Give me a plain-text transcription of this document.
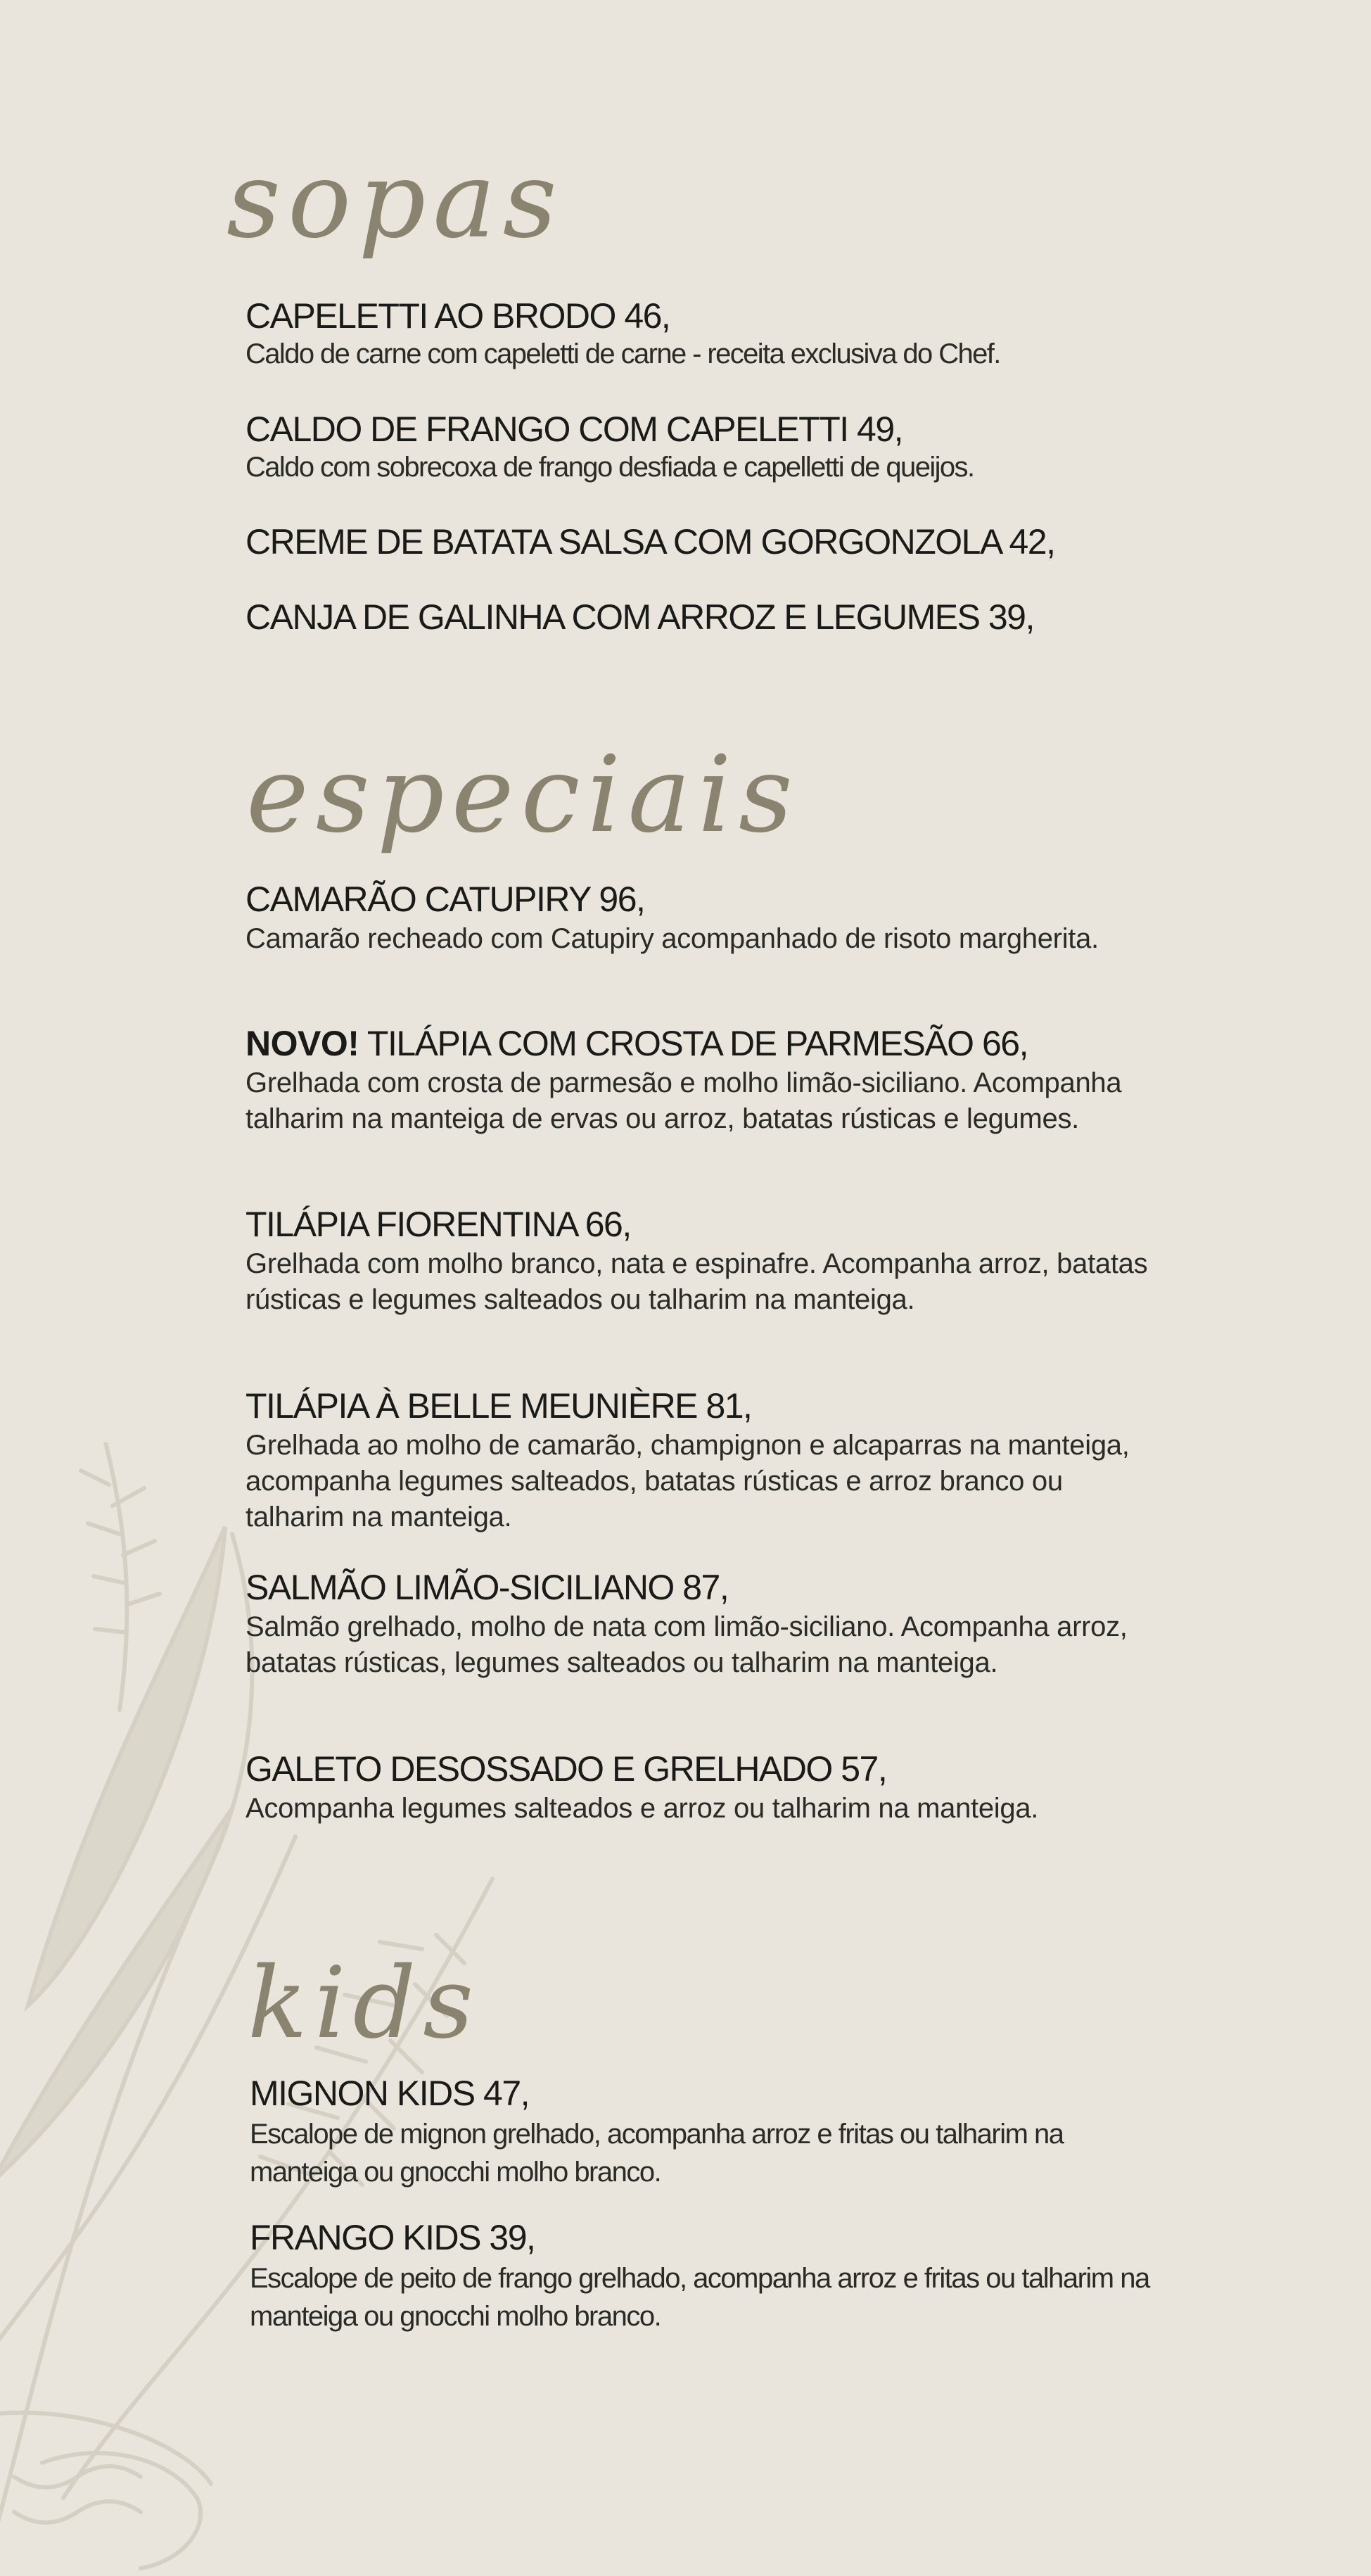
sopas
CAPELETTI AO BRODO 46,
Caldo de carne com capeletti de carne - receita exclusiva do Chef.
CALDO DE FRANGO COM CAPELETTI 49,
Caldo com sobrecoxa de frango desfiada e capelletti de queijos.
CREME DE BATATA SALSA COM GORGONZOLA 42,
CANJA DE GALINHA COM ARROZ E LEGUMES 39,
especiais
CAMARÃO CATUPIRY 96,
Camarão recheado com Catupiry acompanhado de risoto margherita.
NOVO! TILÁPIA COM CROSTA DE PARMESÃO 66,
Grelhada com crosta de parmesão e molho limão-siciliano. Acompanha talharim na manteiga de ervas ou arroz, batatas rústicas e legumes.
TILÁPIA FIORENTINA 66,
Grelhada com molho branco, nata e espinafre. Acompanha arroz, batatas rústicas e legumes salteados ou talharim na manteiga.
TILÁPIA À BELLE MEUNIÈRE 81,
Grelhada ao molho de camarão, champignon e alcaparras na manteiga, acompanha legumes salteados, batatas rústicas e arroz branco ou talharim na manteiga.
SALMÃO LIMÃO-SICILIANO 87,
Salmão grelhado, molho de nata com limão-siciliano. Acompanha arroz, batatas rústicas, legumes salteados ou talharim na manteiga.
GALETO DESOSSADO E GRELHADO 57,
Acompanha legumes salteados e arroz ou talharim na manteiga.
kids
MIGNON KIDS 47,
Escalope de mignon grelhado, acompanha arroz e fritas ou talharim na manteiga ou gnocchi molho branco.
FRANGO KIDS 39,
Escalope de peito de frango grelhado, acompanha arroz e fritas ou talharim na manteiga ou gnocchi molho branco.
